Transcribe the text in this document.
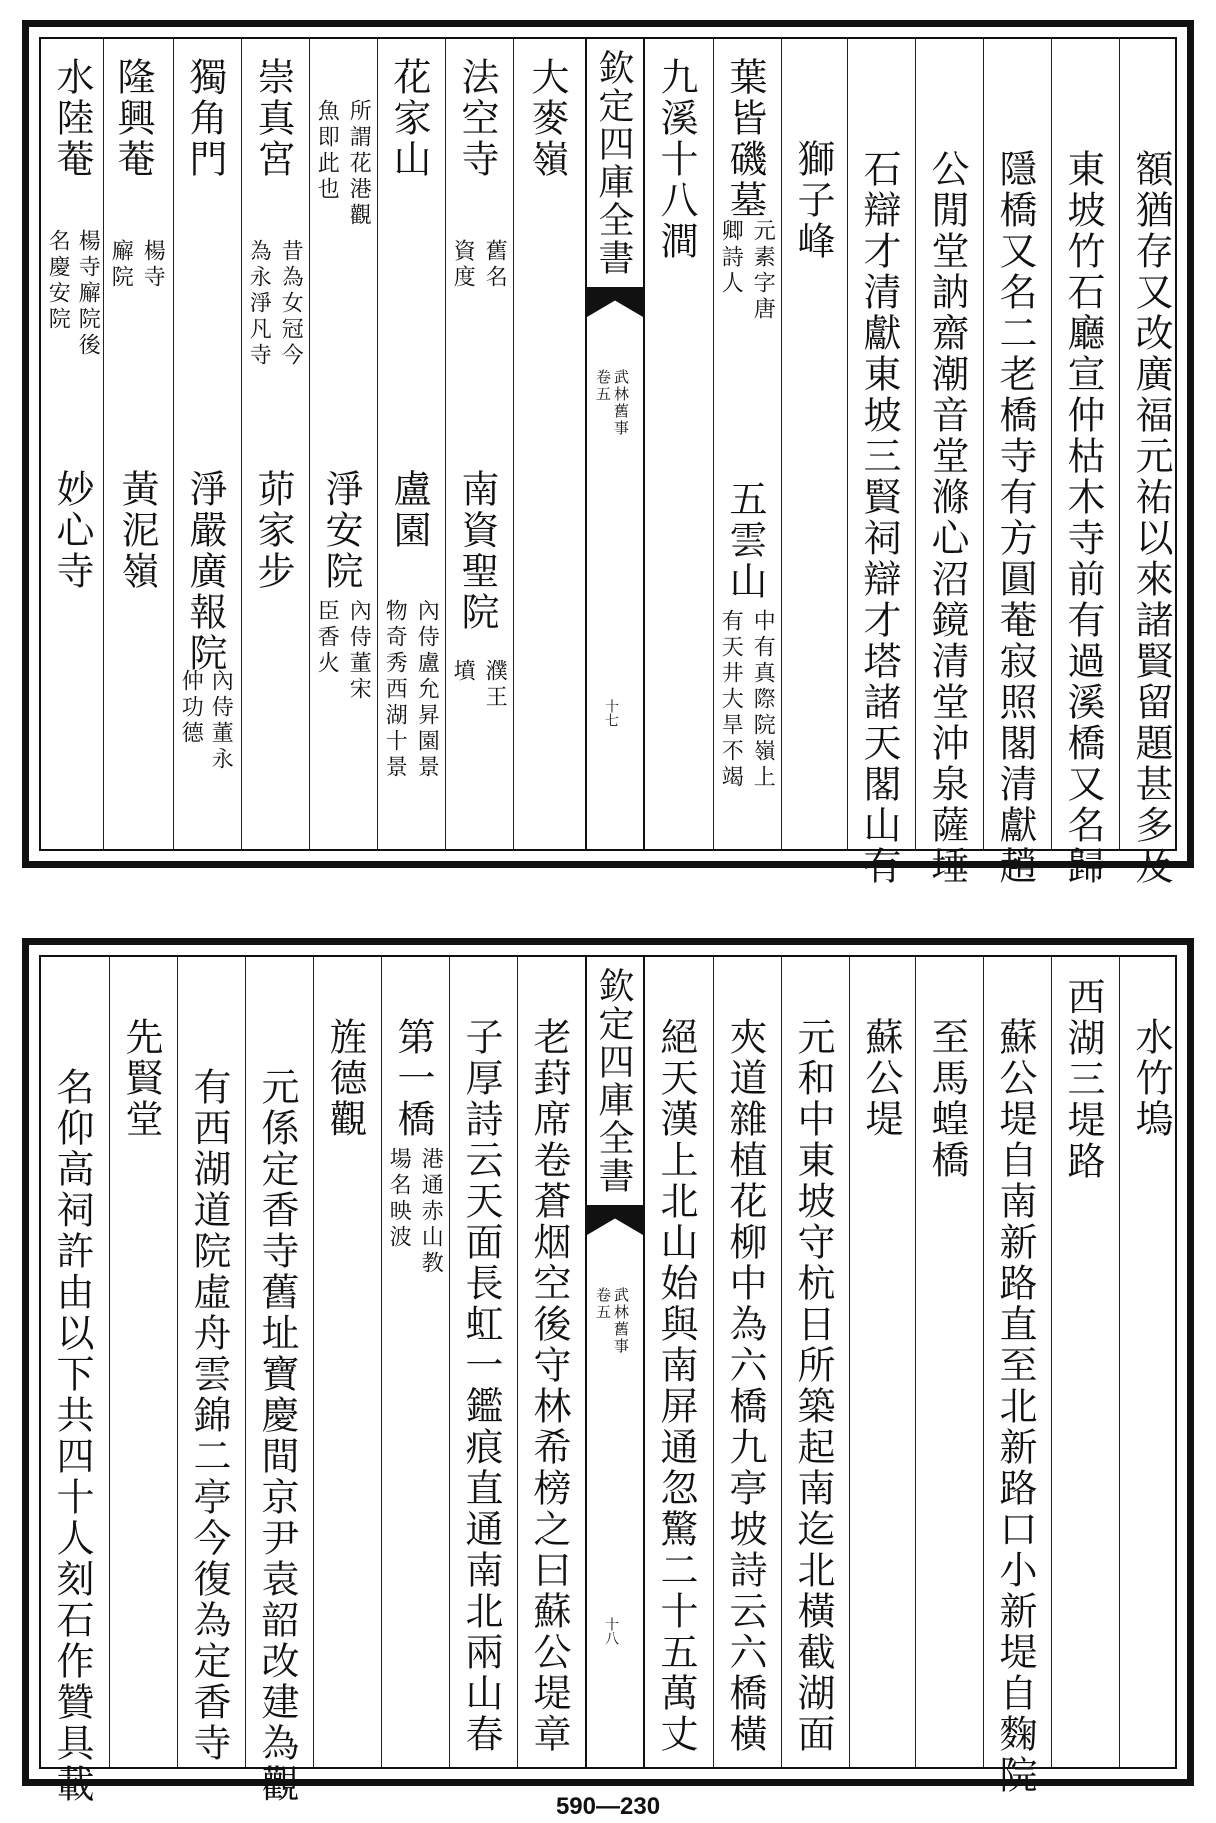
水陸菴
名慶安院 楊寺廨院後
妙心寺
隆興菴
廨院 楊寺
黃泥嶺
獨角門
淨嚴廣報院
仲功德 內侍董永
崇真宮
為永淨凡寺 昔為女冠今
茆家步
魚即此也 所謂花港觀
淨安院
臣香火 內侍董宋
花家山
盧園
物奇秀西湖十景 內侍盧允昇園景
法空寺
資度 舊名
南資聖院
墳 濮王
大麥嶺 欽定四庫全書
武林舊事
卷五
十七
九溪十八澗 葉皆磯墓
卿詩人 元素字唐
五雲山
有天井大旱不竭 中有真際院嶺上
獅子峰 石辯才清獻東坡三賢祠辯才塔諸天閣山有 公閒堂訥齋潮音堂滌心沼鏡清堂沖泉薩埵 隱橋又名二老橋寺有方圓菴寂照閣清獻趙 東坡竹石廳宣仲枯木寺前有過溪橋又名歸 額猶存又改廣福元祐以來諸賢留題甚多及
名仰高祠許由以下共四十人刻石作贊具載 先賢堂 有西湖道院虛舟雲錦二亭今復為定香寺 元係定香寺舊址寶慶間京尹袁韶改建為觀 旌德觀 第一橋
場名映波 港通赤山教 子厚詩云天面長虹一鑑痕直通南北兩山春 老葑席卷蒼烟空後守林希榜之曰蘇公堤章 欽定四庫全書
武林舊事
卷五
十八 絕天漢上北山始與南屏通忽驚二十五萬丈 夾道雜植花柳中為六橋九亭坡詩云六橋橫 元和中東坡守杭日所築起南迄北橫截湖面 蘇公堤 至馬蝗橋 蘇公堤自南新路直至北新路口小新堤自麴院 西湖三堤路 水竹塢
590—230
